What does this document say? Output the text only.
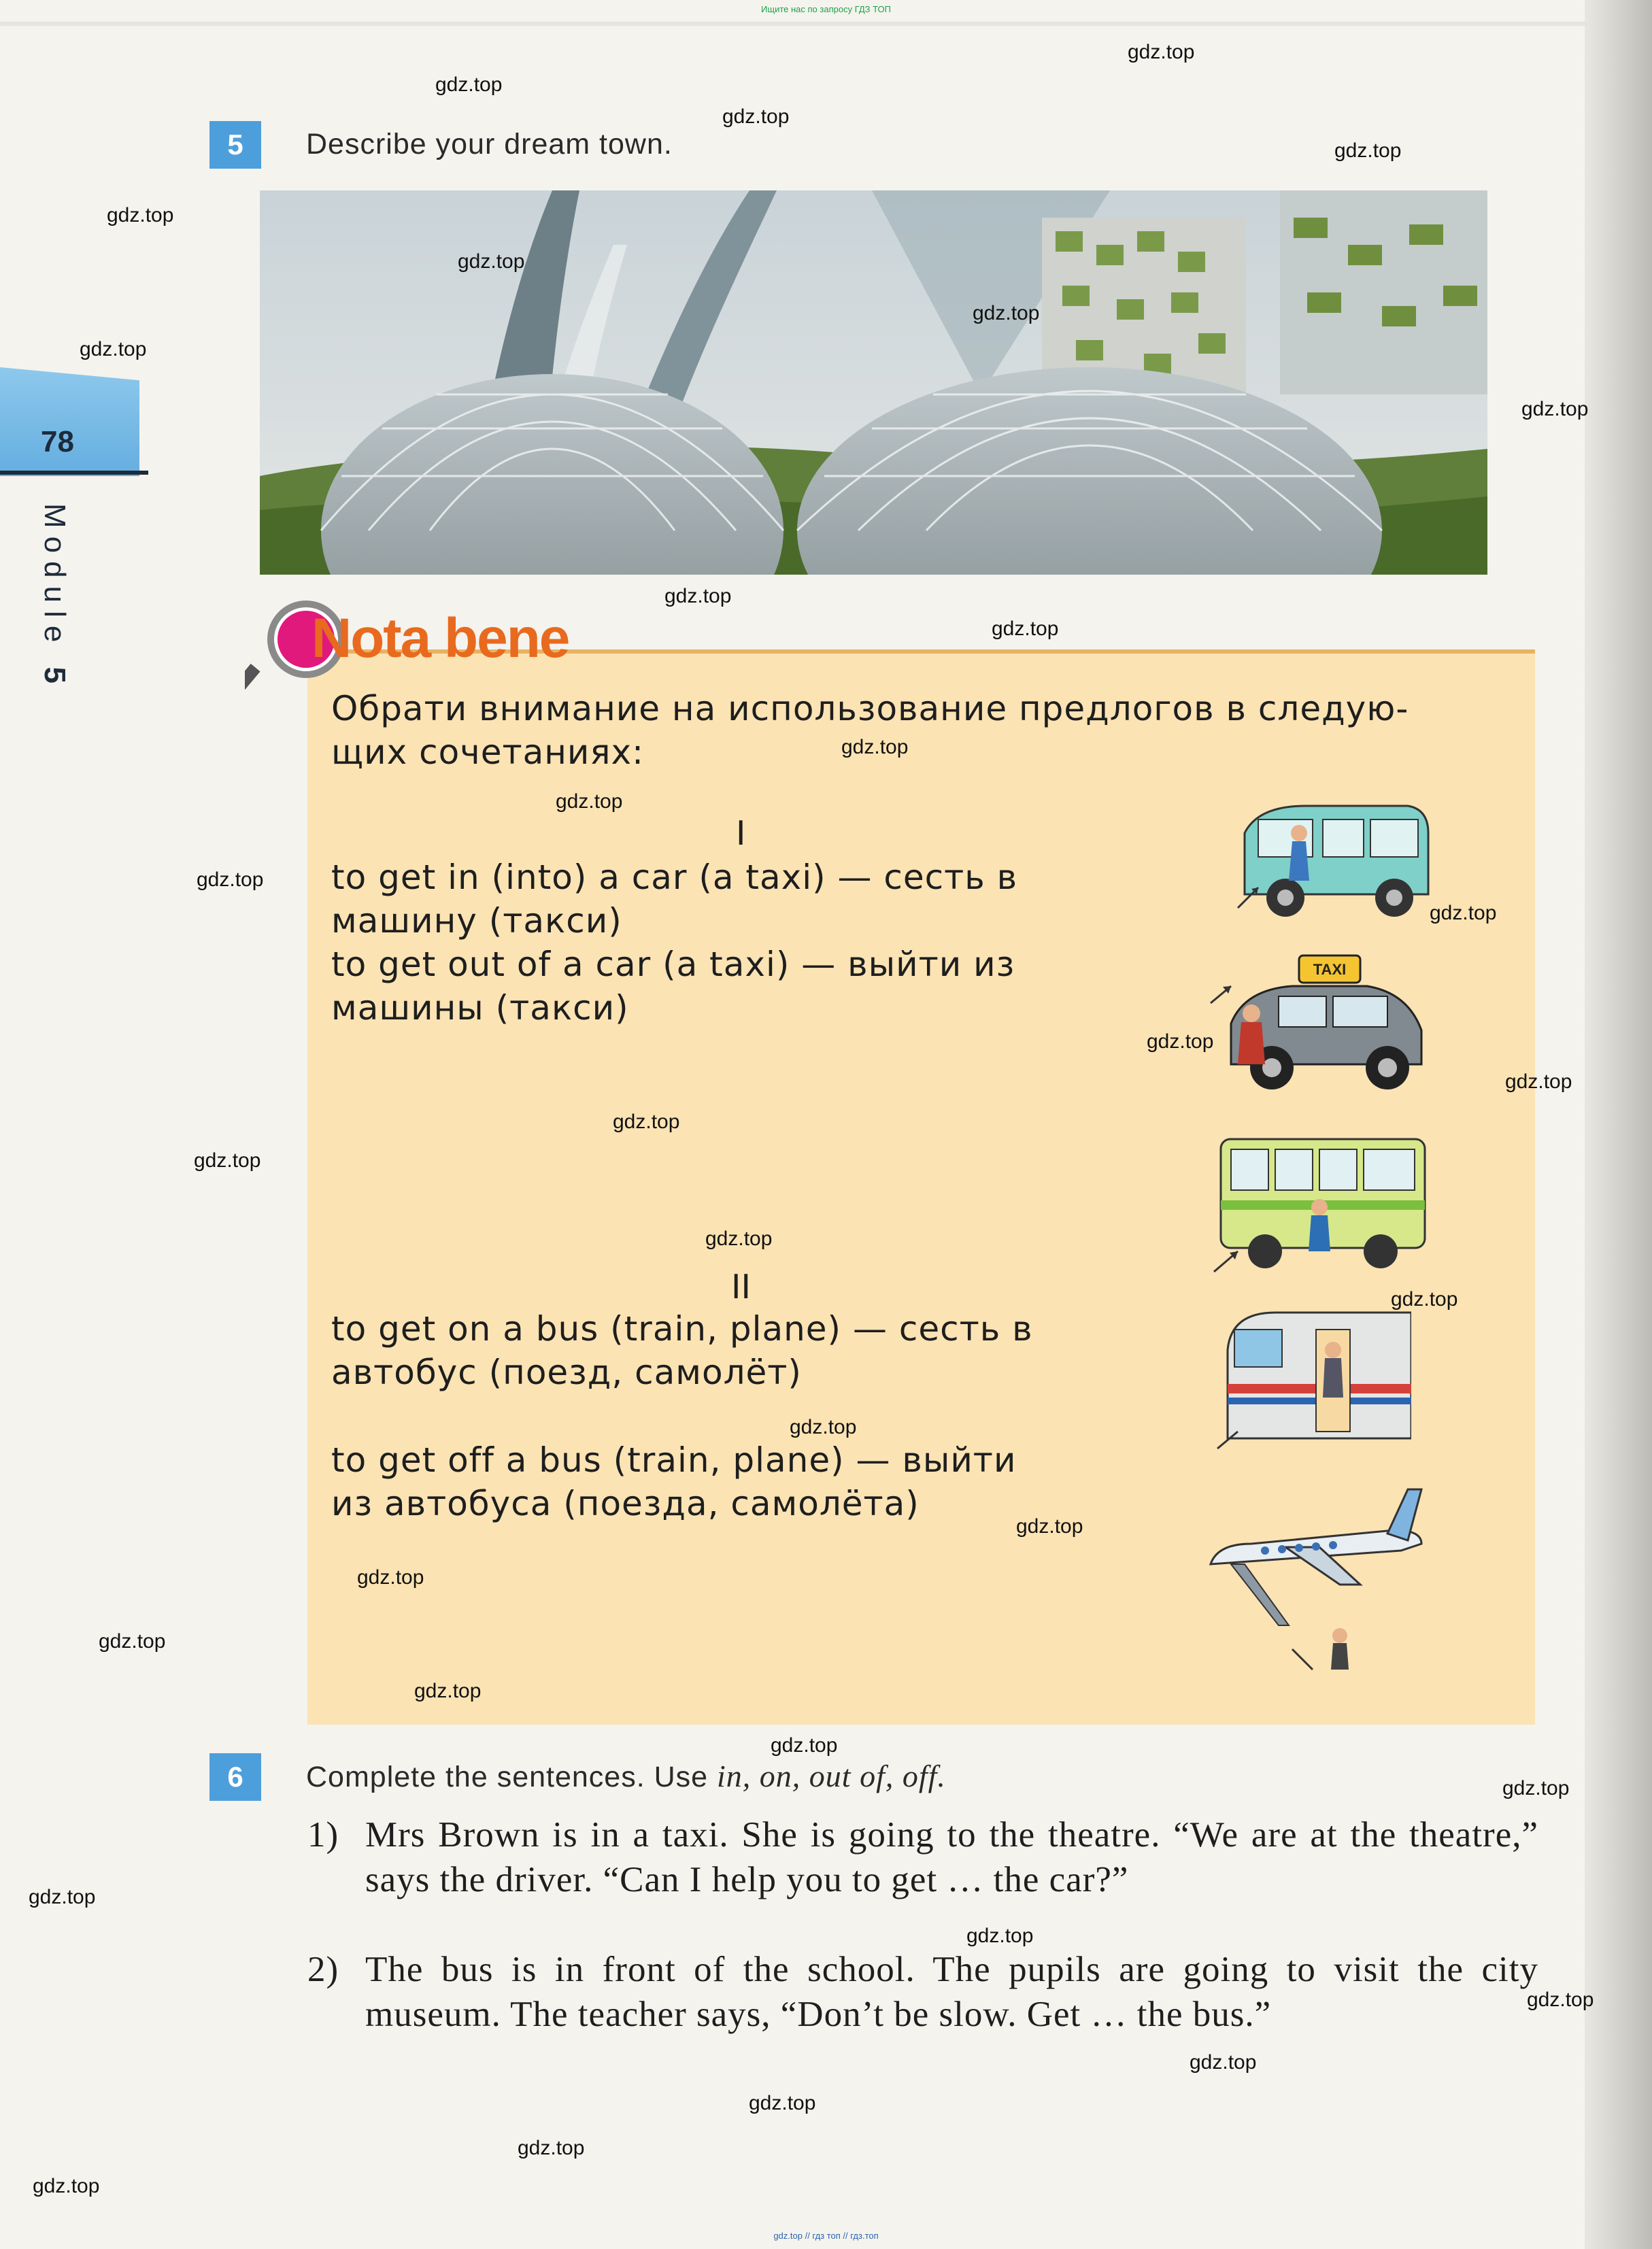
Ищите нас по запросу ГДЗ ТОП
78
Module 5
5	Describe your dream town.
Nota bene
Обрати внимание на использование предлогов в следую-
щих сочетаниях:
I
to get in (into) a car (a taxi) — сесть в
машину (такси)
to get out of a car (a taxi) — выйти из
машины (такси)
II
to get on a bus (train, plane) — сесть в
автобус (поезд, самолёт)
to get off a bus (train, plane) — выйти
из автобуса (поезда, самолёта)
TAXI
6	Complete the sentences. Use in, on, out of, off.
1) Mrs Brown is in a taxi. She is going to the theatre. “We are at the theatre,” says the driver. “Can I help you to get … the car?”
2) The bus is in front of the school. The pupils are going to visit the city museum. The teacher says, “Don’t be slow. Get … the bus.”
gdz.top
gdz.top
gdz.top
gdz.top
gdz.top
gdz.top
gdz.top
gdz.top
gdz.top
gdz.top
gdz.top
gdz.top
gdz.top
gdz.top
gdz.top
gdz.top
gdz.top
gdz.top
gdz.top
gdz.top
gdz.top
gdz.top
gdz.top
gdz.top
gdz.top
gdz.top
gdz.top
gdz.top
gdz.top
gdz.top
gdz.top
gdz.top
gdz.top
gdz.top
gdz.top
gdz.top // гдз топ // гдз.топ
